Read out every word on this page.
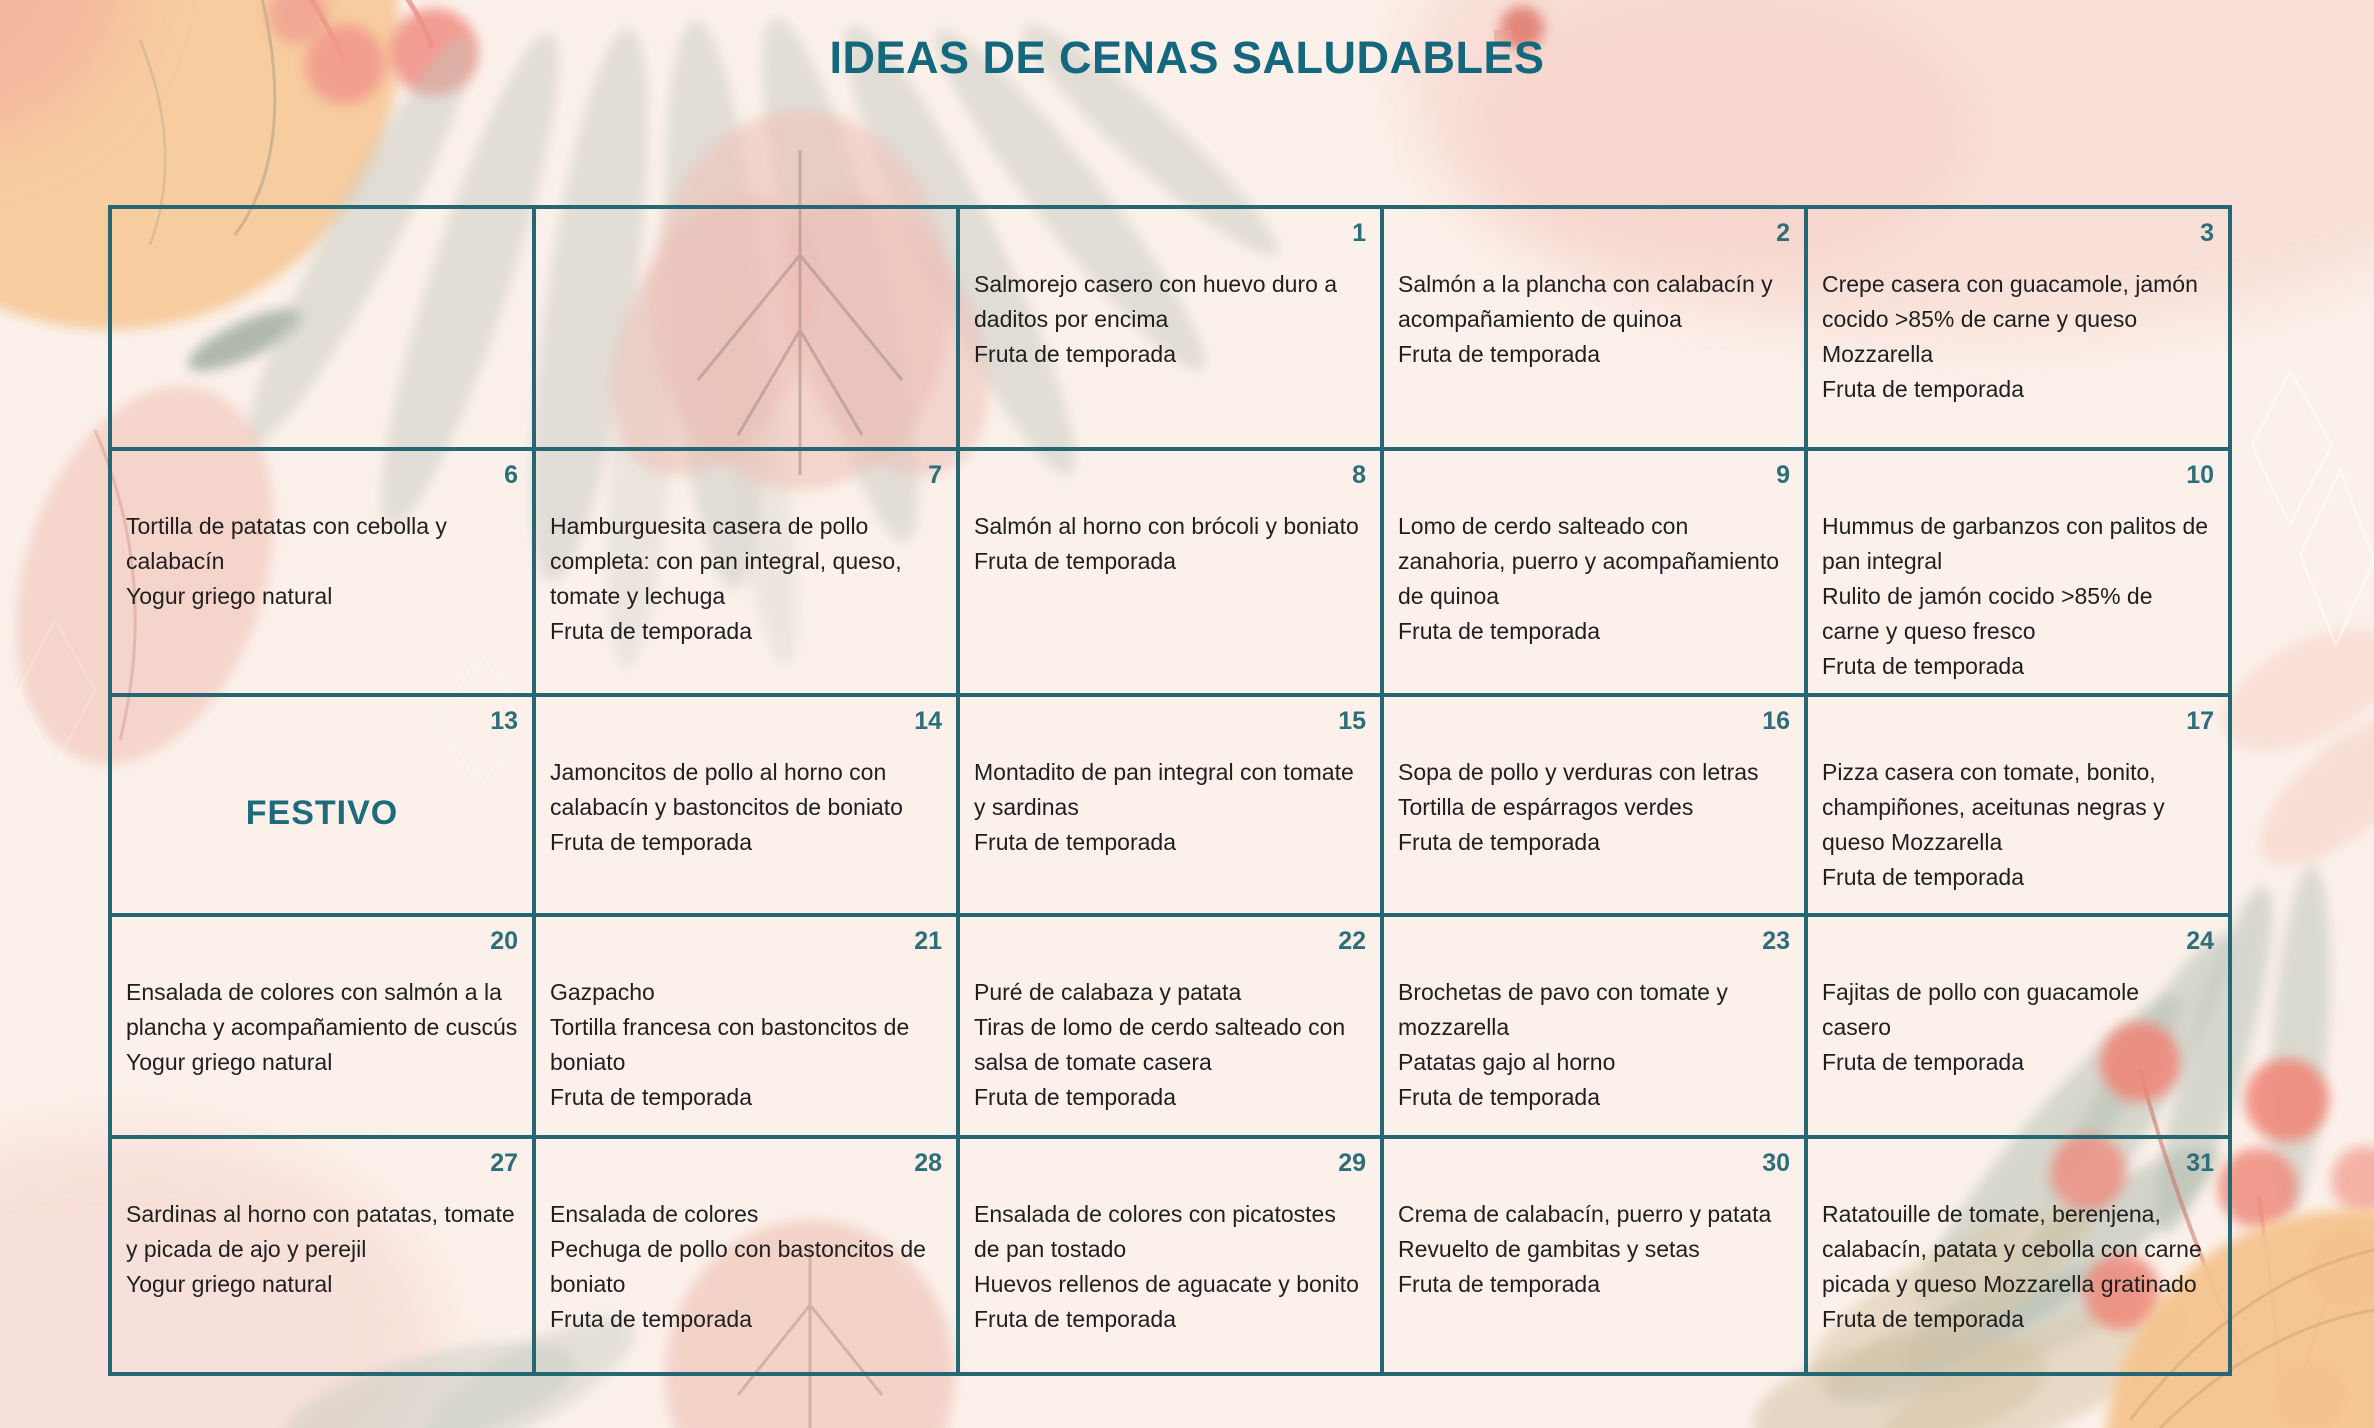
IDEAS DE CENAS SALUDABLES
1
Salmorejo casero con huevo duro a daditos por encima
Fruta de temporada
2
Salmón a la plancha con calabacín y acompañamiento de quinoa
Fruta de temporada
3
Crepe casera con guacamole, jamón cocido >85% de carne y queso Mozzarella
Fruta de temporada
6
Tortilla de patatas con cebolla y calabacín
Yogur griego natural
7
Hamburguesita casera de pollo completa: con pan integral, queso, tomate y lechuga
Fruta de temporada
8
Salmón al horno con brócoli y boniato
Fruta de temporada
9
Lomo de cerdo salteado con zanahoria, puerro y acompañamiento de quinoa
Fruta de temporada
10
Hummus de garbanzos con palitos de pan integral
Rulito de jamón cocido >85% de carne y queso fresco
Fruta de temporada
13
FESTIVO
14
Jamoncitos de pollo al horno con calabacín y bastoncitos de boniato
Fruta de temporada
15
Montadito de pan integral con tomate y sardinas
Fruta de temporada
16
Sopa de pollo y verduras con letras
Tortilla de espárragos verdes
Fruta de temporada
17
Pizza casera con tomate, bonito, champiñones, aceitunas negras y queso Mozzarella
Fruta de temporada
20
Ensalada de colores con salmón a la plancha y acompañamiento de cuscús
Yogur griego natural
21
Gazpacho
Tortilla francesa con bastoncitos de boniato
Fruta de temporada
22
Puré de calabaza y patata
Tiras de lomo de cerdo salteado con salsa de tomate casera
Fruta de temporada
23
Brochetas de pavo con tomate y mozzarella
Patatas gajo al horno
Fruta de temporada
24
Fajitas de pollo con guacamole casero
Fruta de temporada
27
Sardinas al horno con patatas, tomate y picada de ajo y perejil
Yogur griego natural
28
Ensalada de colores
Pechuga de pollo con bastoncitos de boniato
Fruta de temporada
29
Ensalada de colores con picatostes de pan tostado
Huevos rellenos de aguacate y bonito
Fruta de temporada
30
Crema de calabacín, puerro y patata
Revuelto de gambitas y setas
Fruta de temporada
31
Ratatouille de tomate, berenjena, calabacín, patata y cebolla con carne picada y queso Mozzarella gratinado
Fruta de temporada
